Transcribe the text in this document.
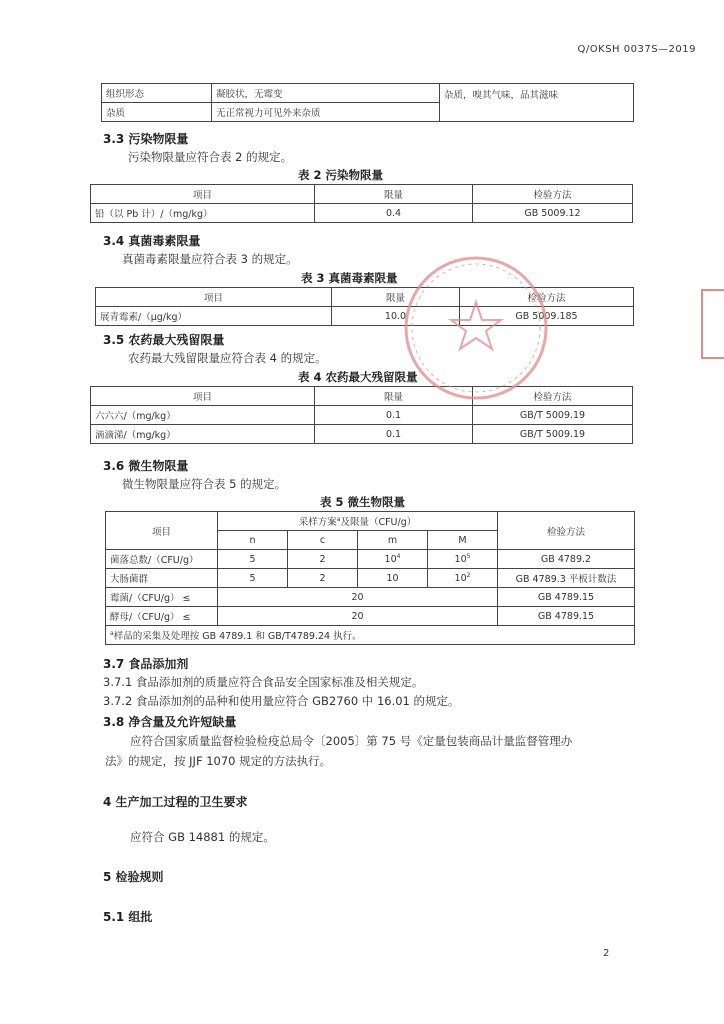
Q/OKSH 0037S—2019
组织形态	凝胶状，无霉变	杂质，嗅其气味，品其滋味
杂质	无正常视力可见外来杂质	
3.3 污染物限量
污染物限量应符合表 2 的规定。
表 2 污染物限量
项目	限量	检验方法
铅（以 Pb 计）/（mg/kg）	0.4	GB 5009.12
3.4 真菌毒素限量
真菌毒素限量应符合表 3 的规定。
表 3 真菌毒素限量
项目	限量	检验方法
展青霉素/（μg/kg）	10.0	GB 5009.185
3.5 农药最大残留限量
农药最大残留限量应符合表 4 的规定。
表 4 农药最大残留限量
项目	限量	检验方法
六六六/（mg/kg）	0.1	GB/T 5009.19
滴滴涕/（mg/kg）	0.1	GB/T 5009.19
3.6 微生物限量
微生物限量应符合表 5 的规定。
表 5 微生物限量
项目	采样方案$^a$及限量（CFU/g）				检验方法
	n	c	m	M	
菌落总数/（CFU/g）	5	2	$10^4$	$10^5$	GB 4789.2
大肠菌群	5	2	10	$10^2$	GB 4789.3 平板计数法
霉菌/（CFU/g） ≤	20				GB 4789.15
酵母/（CFU/g） ≤	20				GB 4789.15
$^a$样品的采集及处理按 GB 4789.1 和 GB/T4789.24 执行。					
3.7 食品添加剂
3.7.1 食品添加剂的质量应符合食品安全国家标准及相关规定。
3.7.2 食品添加剂的品种和使用量应符合 GB2760 中 16.01 的规定。
3.8 净含量及允许短缺量
应符合国家质量监督检验检疫总局令〔2005〕第 75 号《定量包装商品计量监督管理办
法》的规定，按 JJF 1070 规定的方法执行。
4 生产加工过程的卫生要求
应符合 GB 14881 的规定。
5 检验规则
5.1 组批
2
